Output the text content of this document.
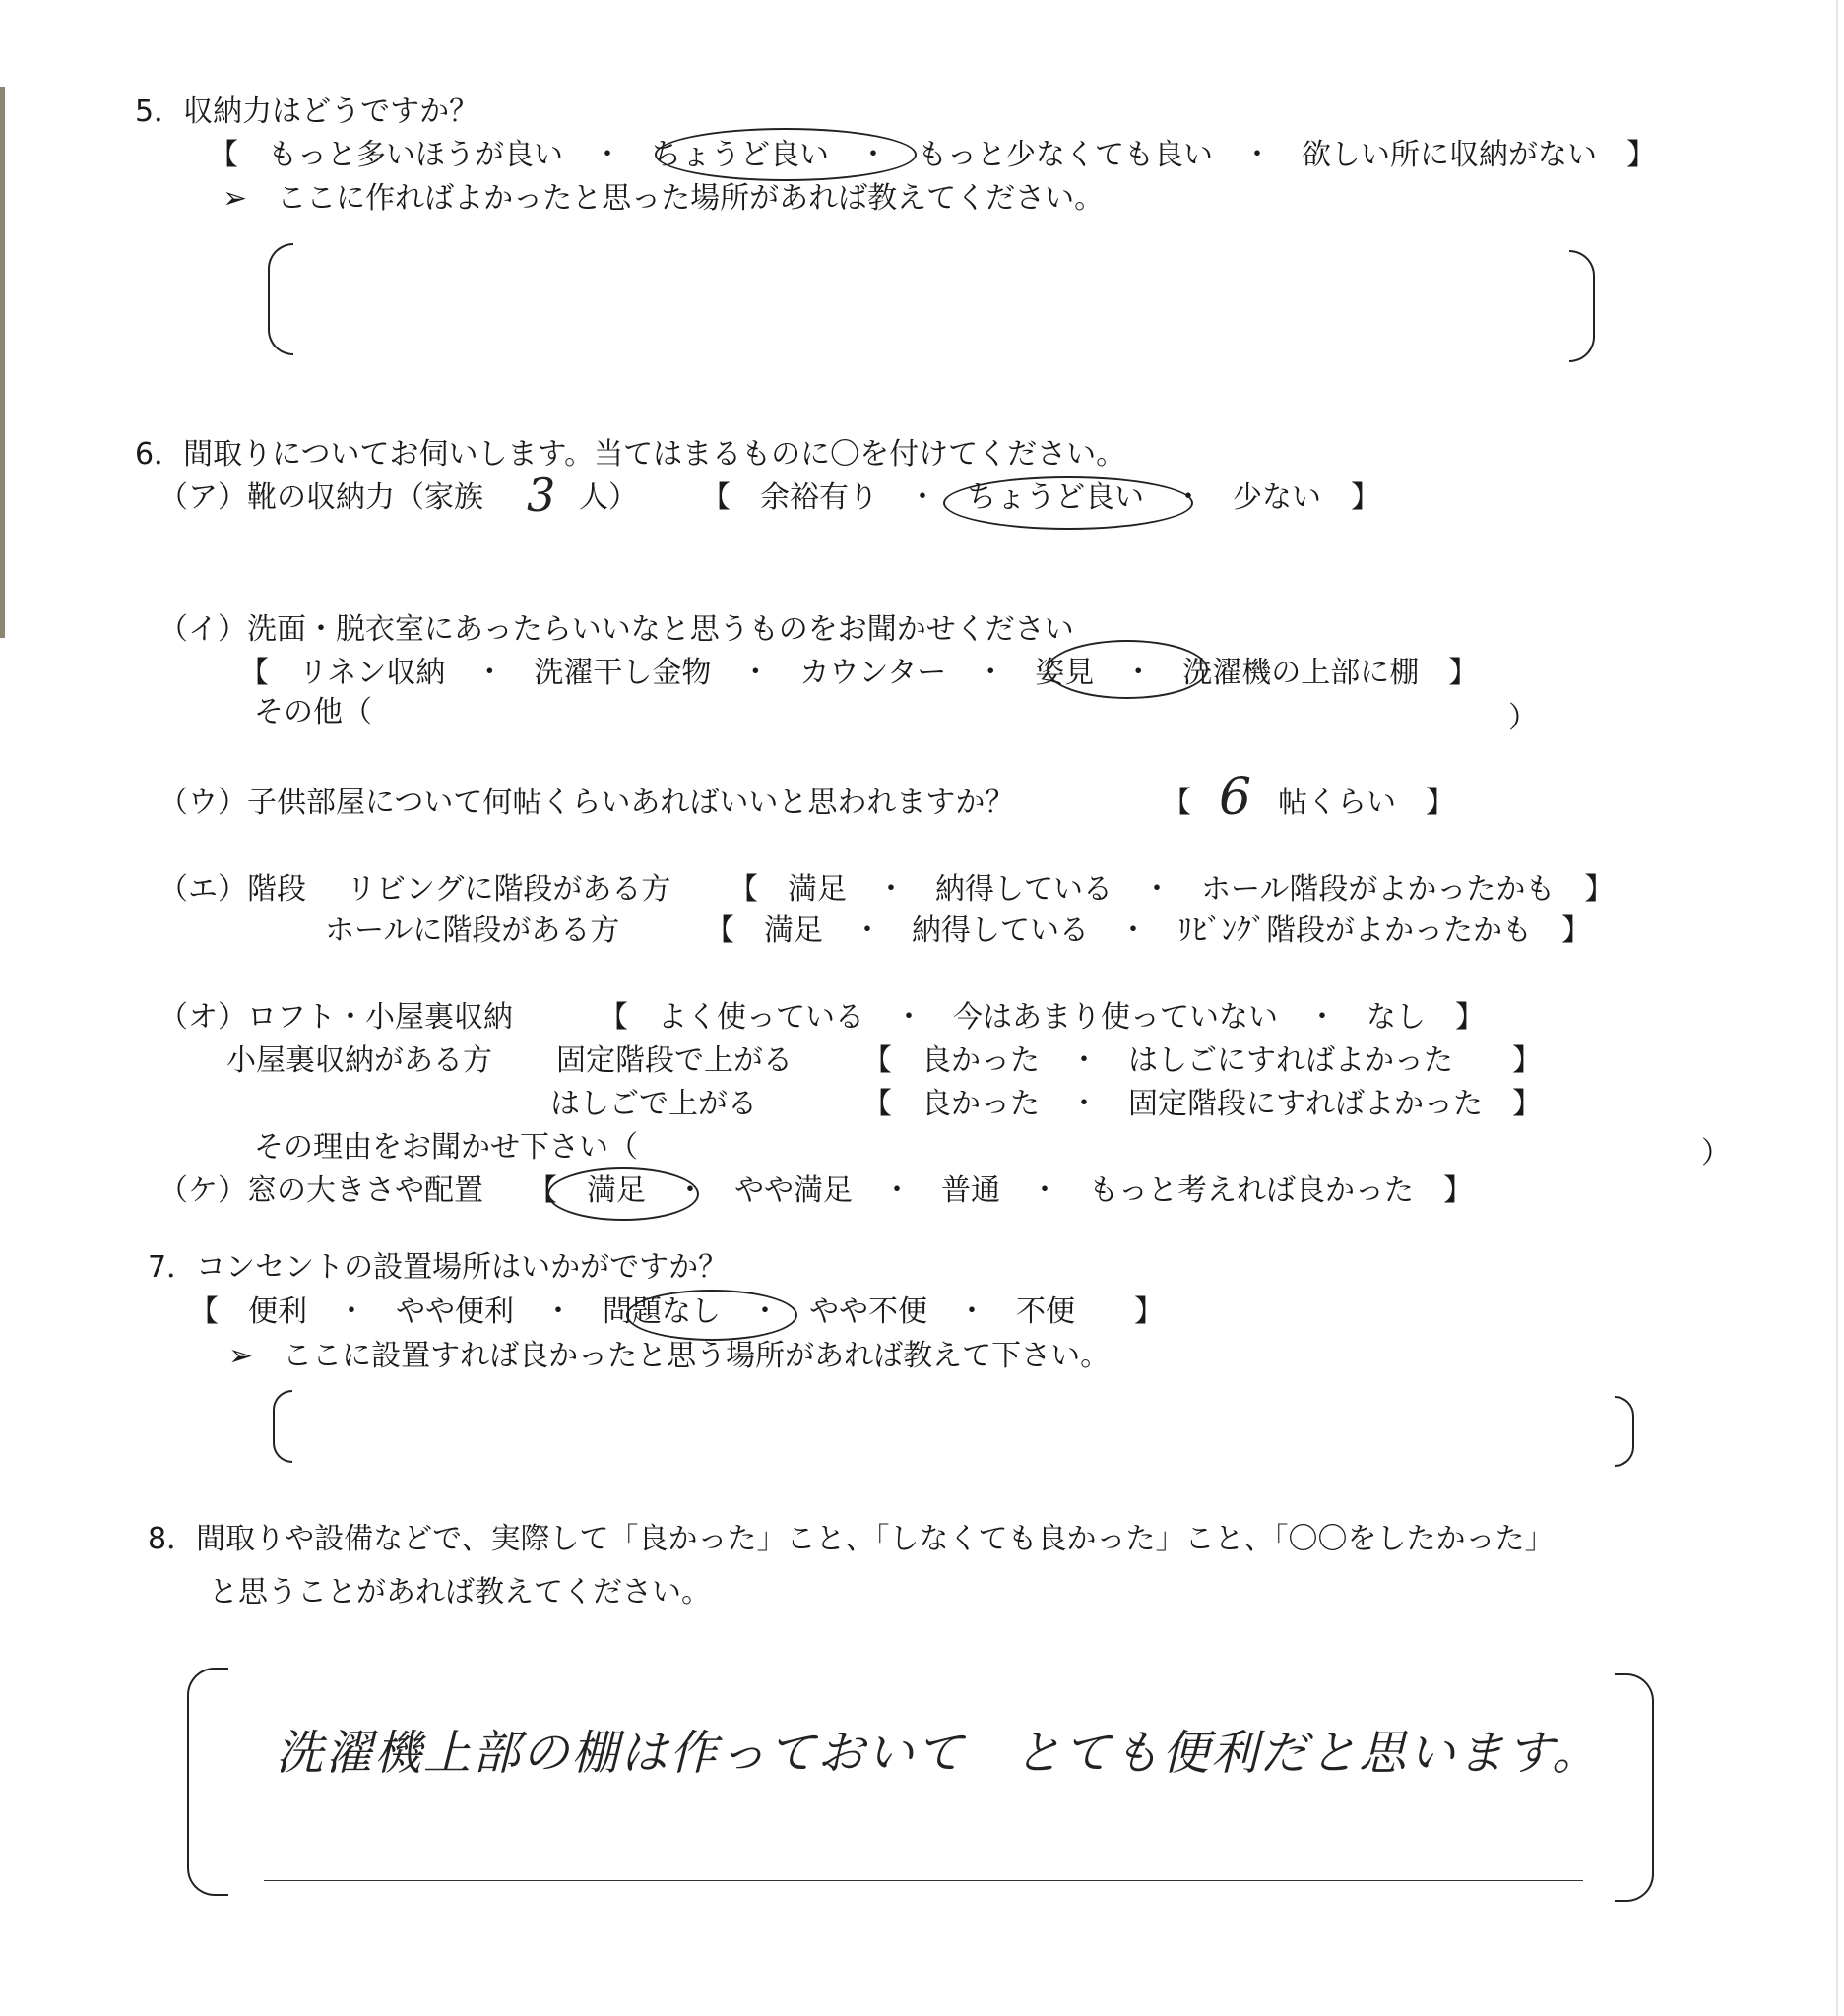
5．収納力はどうですか？
【　もっと多いほうが良い　・　ちょうど良い　・　もっと少なくても良い　・　欲しい所に収納がない　】
➢　ここに作ればよかったと思った場所があれば教えてください。
6．間取りについてお伺いします。当てはまるものに〇を付けてください。
（ア）靴の収納力（家族 3 人） 【　余裕有り　・　ちょうど良い　・　少ない　】
（イ）洗面・脱衣室にあったらいいなと思うものをお聞かせください
【　リネン収納　・　洗濯干し金物　・　カウンター　・　姿見　・　洗濯機の上部に棚　】
その他（	）
（ウ）子供部屋について何帖くらいあればいいと思われますか？	【 6 帖くらい　】
（エ）階段 リビングに階段がある方 【　満足　・　納得している　・　ホール階段がよかったかも　】
ホールに階段がある方	【　満足　・　納得している　・　ﾘﾋﾞﾝｸﾞ階段がよかったかも　】
（オ）ロフト・小屋裏収納	【　よく使っている　・　今はあまり使っていない　・　なし　】
小屋裏収納がある方 固定階段で上がる 【　良かった　・　はしごにすればよかった　　】
はしごで上がる	【　良かった　・　固定階段にすればよかった　】
その理由をお聞かせ下さい（	）
（ケ）窓の大きさや配置 【　満足　・　やや満足　・　普通　・　もっと考えれば良かった　】
7．コンセントの設置場所はいかがですか？
【　便利　・　やや便利　・　問題なし　・　やや不便　・　不便　　】
➢　ここに設置すれば良かったと思う場所があれば教えて下さい。
8．間取りや設備などで、実際して「良かった」こと、「しなくても良かった」こと、「〇〇をしたかった」
と思うことがあれば教えてください。
洗濯機上部の棚は作っておいて　とても便利だと思います。
